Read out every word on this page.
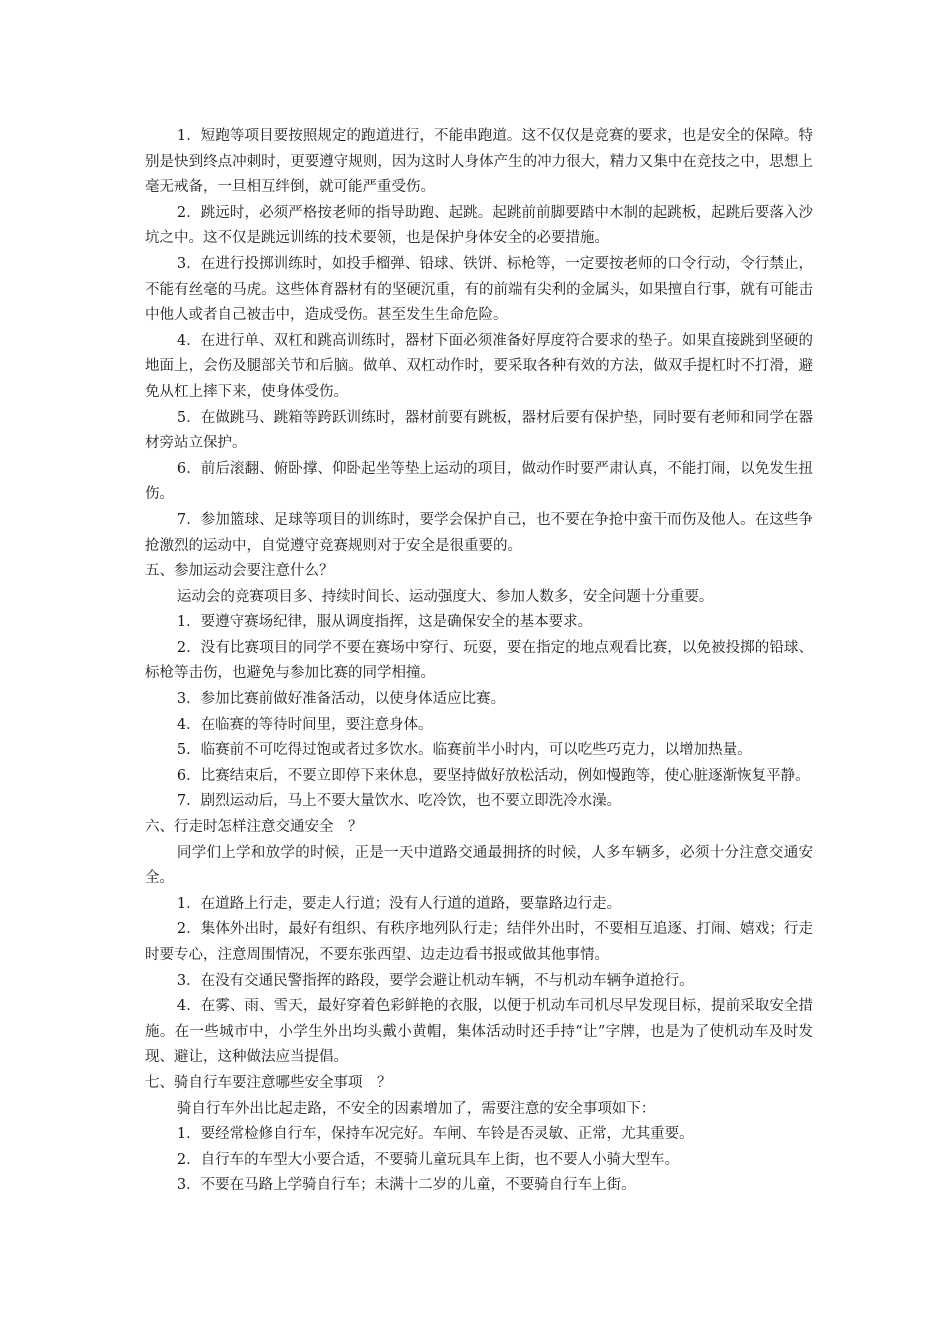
1．短跑等项目要按照规定的跑道进行，不能串跑道。这不仅仅是竞赛的要求，也是安全的保障。特别是快到终点冲刺时，更要遵守规则，因为这时人身体产生的冲力很大，精力又集中在竞技之中，思想上毫无戒备，一旦相互绊倒，就可能严重受伤。

2．跳远时，必须严格按老师的指导助跑、起跳。起跳前前脚要踏中木制的起跳板，起跳后要落入沙坑之中。这不仅是跳远训练的技术要领，也是保护身体安全的必要措施。

3．在进行投掷训练时，如投手榴弹、铅球、铁饼、标枪等，一定要按老师的口令行动，令行禁止，不能有丝毫的马虎。这些体育器材有的坚硬沉重，有的前端有尖利的金属头，如果擅自行事，就有可能击中他人或者自己被击中，造成受伤。甚至发生生命危险。

4．在进行单、双杠和跳高训练时，器材下面必须准备好厚度符合要求的垫子。如果直接跳到坚硬的地面上，会伤及腿部关节和后脑。做单、双杠动作时，要采取各种有效的方法，做双手提杠时不打滑，避免从杠上摔下来，使身体受伤。

5．在做跳马、跳箱等跨跃训练时，器材前要有跳板，器材后要有保护垫，同时要有老师和同学在器材旁站立保护。

6．前后滚翻、俯卧撑、仰卧起坐等垫上运动的项目，做动作时要严肃认真，不能打闹，以免发生扭伤。

7．参加篮球、足球等项目的训练时，要学会保护自己，也不要在争抢中蛮干而伤及他人。在这些争抢激烈的运动中，自觉遵守竞赛规则对于安全是很重要的。

五、参加运动会要注意什么？

运动会的竞赛项目多、持续时间长、运动强度大、参加人数多，安全问题十分重要。

1．要遵守赛场纪律，服从调度指挥，这是确保安全的基本要求。

2．没有比赛项目的同学不要在赛场中穿行、玩耍，要在指定的地点观看比赛，以免被投掷的铅球、标枪等击伤，也避免与参加比赛的同学相撞。

3．参加比赛前做好准备活动，以使身体适应比赛。

4．在临赛的等待时间里，要注意身体。

5．临赛前不可吃得过饱或者过多饮水。临赛前半小时内，可以吃些巧克力，以增加热量。

6．比赛结束后，不要立即停下来休息，要坚持做好放松活动，例如慢跑等，使心脏逐渐恢复平静。

7．剧烈运动后，马上不要大量饮水、吃冷饮，也不要立即洗冷水澡。

六、行走时怎样注意交通安全　？

同学们上学和放学的时候，正是一天中道路交通最拥挤的时候，人多车辆多，必须十分注意交通安全。

1．在道路上行走，要走人行道；没有人行道的道路，要靠路边行走。

2．集体外出时，最好有组织、有秩序地列队行走；结伴外出时，不要相互追逐、打闹、嬉戏；行走时要专心，注意周围情况，不要东张西望、边走边看书报或做其他事情。

3．在没有交通民警指挥的路段，要学会避让机动车辆，不与机动车辆争道抢行。

4．在雾、雨、雪天，最好穿着色彩鲜艳的衣服，以便于机动车司机尽早发现目标，提前采取安全措施。在一些城市中，小学生外出均头戴小黄帽，集体活动时还手持“让”字牌，也是为了使机动车及时发现、避让，这种做法应当提倡。

七、骑自行车要注意哪些安全事项　？

骑自行车外出比起走路，不安全的因素增加了，需要注意的安全事项如下：

1．要经常检修自行车，保持车况完好。车闸、车铃是否灵敏、正常，尤其重要。

2．自行车的车型大小要合适，不要骑儿童玩具车上街，也不要人小骑大型车。

3．不要在马路上学骑自行车；未满十二岁的儿童，不要骑自行车上街。
